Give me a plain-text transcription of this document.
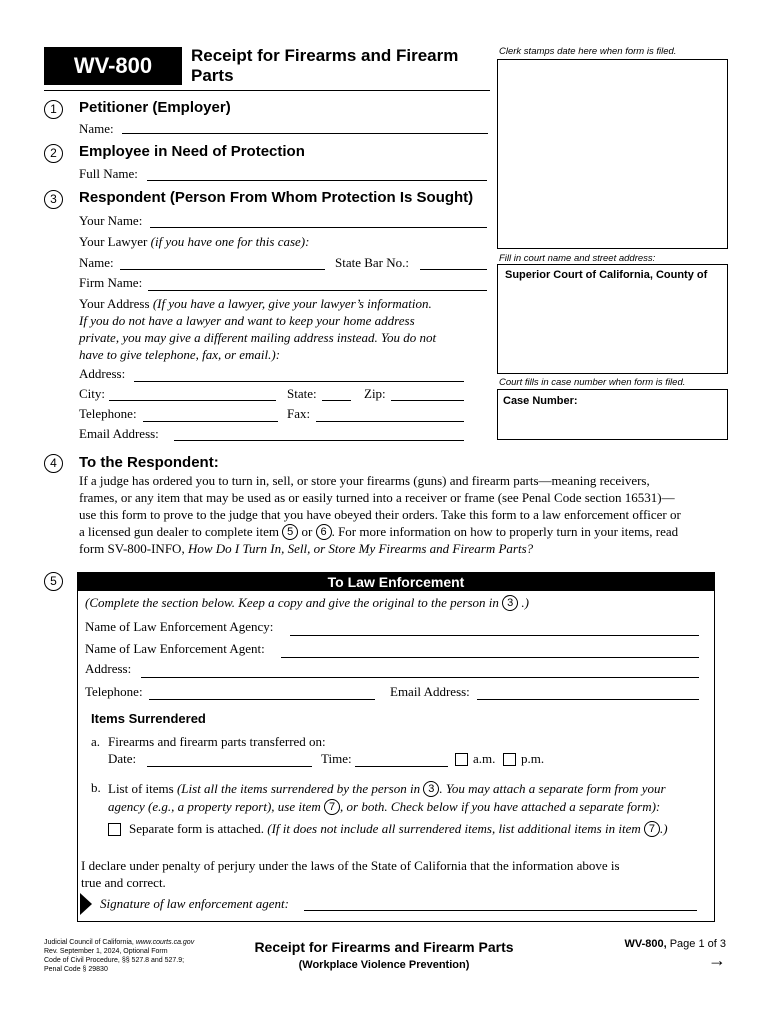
WV-800	Receipt for Firearms and Firearm
Parts
Clerk stamps date here when form is filed.
Fill in court name and street address:
Superior Court of California, County of
Court fills in case number when form is filed.
Case Number:
1	Petitioner (Employer)
Name:
2	Employee in Need of Protection
Full Name:
3	Respondent (Person From Whom Protection Is Sought)
Your Name:
Your Lawyer (if you have one for this case):
Name:	State Bar No.:
Firm Name:
Your Address (If you have a lawyer, give your lawyer’s information.
If you do not have a lawyer and want to keep your home address
private, you may give a different mailing address instead. You do not
have to give telephone, fax, or email.):
Address:
City:	State:	Zip:
Telephone:	Fax:
Email Address:
4	To the Respondent:
If a judge has ordered you to turn in, sell, or store your firearms (guns) and firearm parts—meaning receivers,
frames, or any item that may be used as or easily turned into a receiver or frame (see Penal Code section 16531)—
use this form to prove to the judge that you have obeyed their orders. Take this form to a law enforcement officer or
a licensed gun dealer to complete item 5 or 6 . For more information on how to properly turn in your items, read
form SV-800-INFO, How Do I Turn In, Sell, or Store My Firearms and Firearm Parts?
5	To Law Enforcement
(Complete the section below. Keep a copy and give the original to the person in 3 .)
Name of Law Enforcement Agency:
Name of Law Enforcement Agent:
Address:
Telephone:	Email Address:
Items Surrendered
a. Firearms and firearm parts transferred on:
Date:	Time:	a.m. p.m.
b. List of items (List all the items surrendered by the person in 3 . You may attach a separate form from your
agency (e.g., a property report), use item 7 , or both. Check below if you have attached a separate form):
Separate form is attached. (If it does not include all surrendered items, list additional items in item 7 .)
I declare under penalty of perjury under the laws of the State of California that the information above is
true and correct.
Signature of law enforcement agent:
Judicial Council of California, www.courts.ca.gov
Rev. September 1, 2024, Optional Form
Code of Civil Procedure, §§ 527.8 and 527.9;
Penal Code § 29830
Receipt for Firearms and Firearm Parts
(Workplace Violence Prevention)
WV-800, Page 1 of 3
→
